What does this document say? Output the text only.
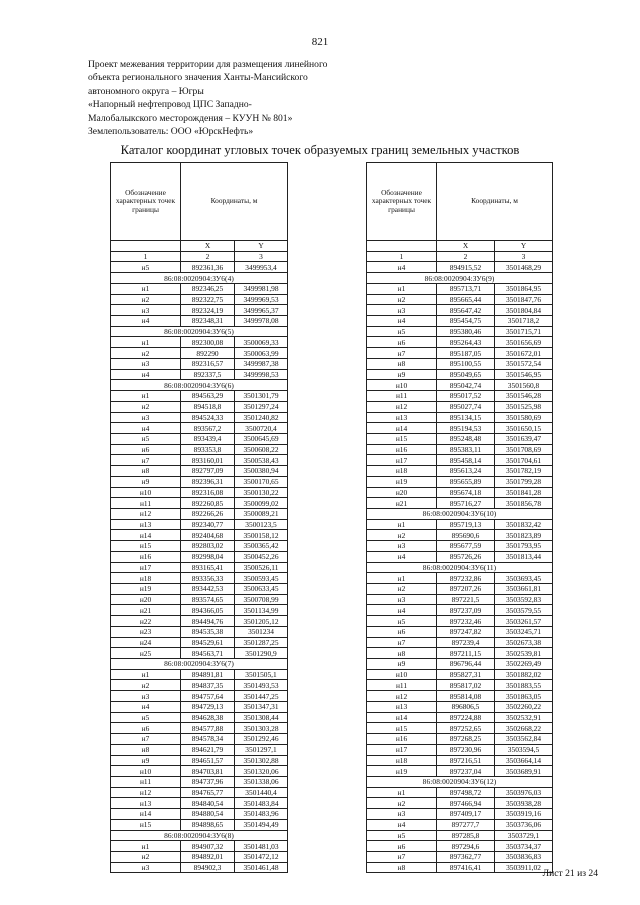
821
Проект межевания территории для размещения линейного
объекта регионального значения Ханты-Мансийского
автономного округа – Югры
«Напорный нефтепровод ЦПС Западно-
Малобалыкского месторождения – КУУН № 801»
Землепользователь: ООО «ЮрскНефть»
Каталог координат угловых точек образуемых границ земельных участков
Обозначение характерных точек границы	Координаты, м	

	X	Y
1	2	3
н5	892361,36	3499953,4
86:08:0020904:ЗУ6(4)		
н1	892346,25	3499981,98
н2	892322,75	3499969,53
н3	892324,19	3499965,37
н4	892348,31	3499978,08
86:08:0020904:ЗУ6(5)		
н1	892300,08	3500069,33
н2	892290	3500063,99
н3	892316,57	3499987,38
н4	892337,5	3499998,53
86:08:0020904:ЗУ6(6)		
н1	894563,29	3501301,79
н2	894518,8	3501297,24
н3	894524,33	3501240,82
н4	893567,2	3500720,4
н5	893439,4	3500645,69
н6	893353,8	3500608,22
н7	893160,01	3500538,43
н8	892797,09	3500380,94
н9	892396,31	3500170,65
н10	892316,08	3500130,22
н11	892260,85	3500099,02
н12	892266,26	3500089,21
н13	892340,77	3500123,5
н14	892404,68	3500158,12
н15	892803,02	3500365,42
н16	892998,04	3500452,26
н17	893165,41	3500526,11
н18	893356,33	3500593,45
н19	893442,53	3500633,45
н20	893574,65	3500708,99
н21	894366,05	3501134,99
н22	894494,76	3501205,12
н23	894535,38	3501234
н24	894529,61	3501287,25
н25	894563,71	3501290,9
86:08:0020904:ЗУ6(7)		
н1	894891,81	3501505,1
н2	894837,35	3501493,53
н3	894757,64	3501447,25
н4	894729,13	3501347,31
н5	894628,38	3501308,44
н6	894577,88	3501303,28
н7	894578,34	3501292,46
н8	894621,79	3501297,1
н9	894651,57	3501302,88
н10	894703,81	3501320,06
н11	894737,96	3501338,06
н12	894765,77	3501440,4
н13	894840,54	3501483,84
н14	894880,54	3501483,96
н15	894898,65	3501494,49
86:08:0020904:ЗУ6(8)		
н1	894907,32	3501481,03
н2	894892,01	3501472,12
н3	894902,3	3501461,48
Обозначение характерных точек границы	Координаты, м	

	X	Y
1	2	3
н4	894915,52	3501468,29
86:08:0020904:ЗУ6(9)		
н1	895713,71	3501864,95
н2	895665,44	3501847,76
н3	895647,42	3501804,84
н4	895454,75	3501718,2
н5	895380,46	3501715,71
н6	895264,43	3501656,69
н7	895187,05	3501672,01
н8	895100,55	3501572,54
н9	895049,65	3501546,95
н10	895042,74	3501560,8
н11	895017,52	3501546,28
н12	895027,74	3501525,98
н13	895134,15	3501580,69
н14	895194,53	3501650,15
н15	895248,48	3501639,47
н16	895383,11	3501708,69
н17	895458,14	3501704,61
н18	895613,24	3501782,19
н19	895655,89	3501799,28
н20	895674,18	3501841,28
н21	895716,27	3501856,78
86:08:0020904:ЗУ6(10)		
н1	895719,13	3501832,42
н2	895690,6	3501823,89
н3	895677,59	3501793,95
н4	895726,26	3501813,44
86:08:0020904:ЗУ6(11)		
н1	897232,86	3503693,45
н2	897207,26	3503661,81
н3	897221,5	3503592,83
н4	897237,09	3503579,55
н5	897232,46	3503261,57
н6	897247,82	3503245,71
н7	897239,4	3502673,38
н8	897211,15	3502539,81
н9	896796,44	3502269,49
н10	895827,31	3501882,02
н11	895817,02	3501883,55
н12	895814,08	3501863,05
н13	896806,5	3502260,22
н14	897224,88	3502532,91
н15	897252,65	3502668,22
н16	897268,25	3503562,84
н17	897230,96	3503594,5
н18	897216,51	3503664,14
н19	897237,04	3503689,91
86:08:0020904:ЗУ6(12)		
н1	897498,72	3503976,03
н2	897466,94	3503938,28
н3	897409,17	3503919,16
н4	897277,7	3503736,06
н5	897285,8	3503729,1
н6	897294,6	3503734,37
н7	897362,77	3503836,83
н8	897416,41	3503911,02
Лист 21 из 24
